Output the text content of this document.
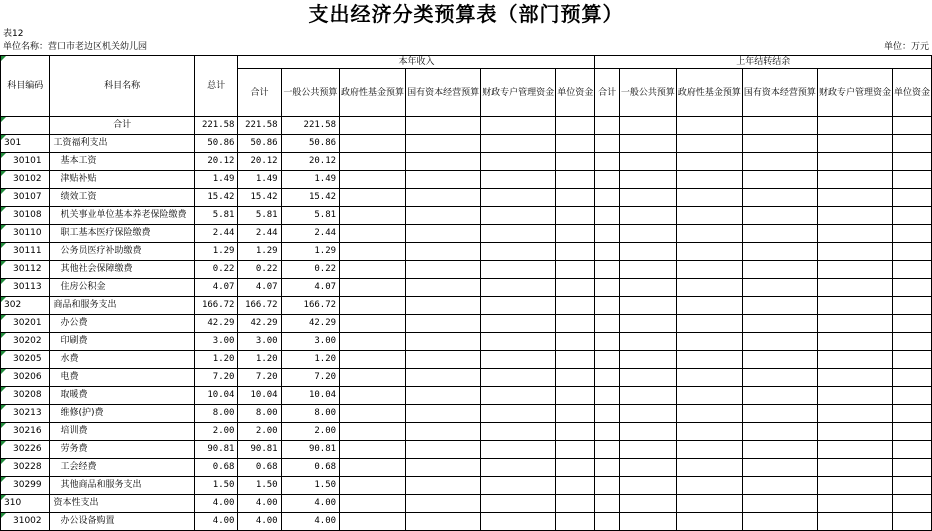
支出经济分类预算表（部门预算）
表12
单位名称：营口市老边区机关幼儿园	单位：万元
科目编码	科目名称	总计	本年收入						上年结转结余					
			合计	一般公共预算	政府性基金预算	国有资本经营预算	财政专户管理资金	单位资金	合计	一般公共预算	政府性基金预算	国有资本经营预算	财政专户管理资金	单位资金

	合计	221.58	221.58	221.58										

301	工资福利支出	50.86	50.86	50.86										

30101	基本工资	20.12	20.12	20.12										

30102	津贴补贴	1.49	1.49	1.49										

30107	绩效工资	15.42	15.42	15.42										

30108	机关事业单位基本养老保险缴费	5.81	5.81	5.81										

30110	职工基本医疗保险缴费	2.44	2.44	2.44										

30111	公务员医疗补助缴费	1.29	1.29	1.29										

30112	其他社会保障缴费	0.22	0.22	0.22										

30113	住房公积金	4.07	4.07	4.07										

302	商品和服务支出	166.72	166.72	166.72										

30201	办公费	42.29	42.29	42.29										

30202	印刷费	3.00	3.00	3.00										

30205	水费	1.20	1.20	1.20										

30206	电费	7.20	7.20	7.20										

30208	取暖费	10.04	10.04	10.04										

30213	维修(护)费	8.00	8.00	8.00										

30216	培训费	2.00	2.00	2.00										

30226	劳务费	90.81	90.81	90.81										

30228	工会经费	0.68	0.68	0.68										

30299	其他商品和服务支出	1.50	1.50	1.50										

310	资本性支出	4.00	4.00	4.00										

31002	办公设备购置	4.00	4.00	4.00										
